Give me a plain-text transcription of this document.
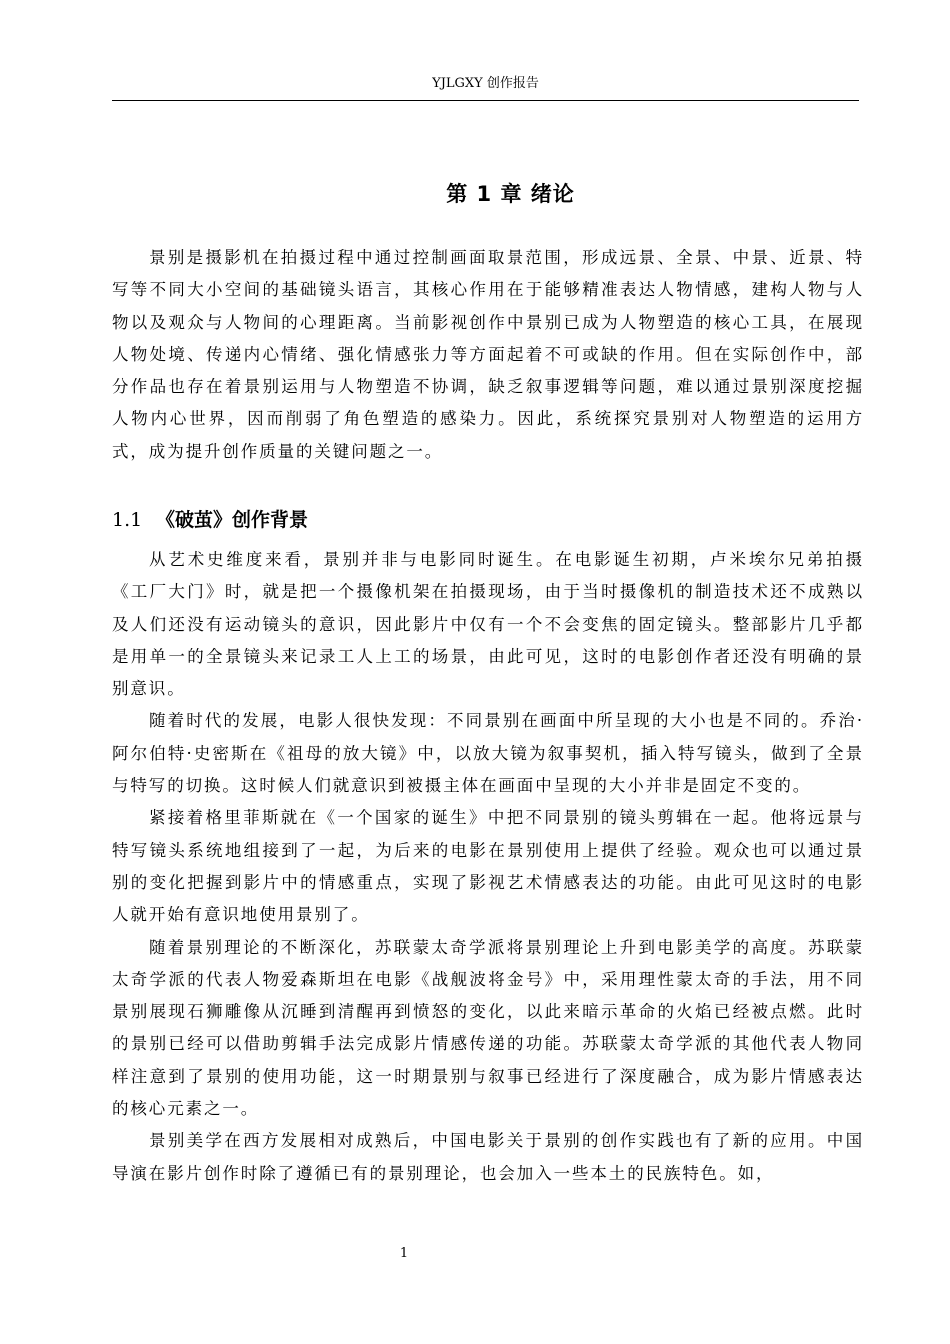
YJLGXY 创作报告
第 1 章 绪论

景别是摄影机在拍摄过程中通过控制画面取景范围，形成远景、全景、中景、近景、特写等不同大小空间的基础镜头语言，其核心作用在于能够精准表达人物情感，建构人物与人物以及观众与人物间的心理距离。当前影视创作中景别已成为人物塑造的核心工具，在展现人物处境、传递内心情绪、强化情感张力等方面起着不可或缺的作用。但在实际创作中，部分作品也存在着景别运用与人物塑造不协调，缺乏叙事逻辑等问题，难以通过景别深度挖掘人物内心世界，因而削弱了角色塑造的感染力。因此，系统探究景别对人物塑造的运用方式，成为提升创作质量的关键问题之一。

1.1 《破茧》创作背景

从艺术史维度来看，景别并非与电影同时诞生。在电影诞生初期，卢米埃尔兄弟拍摄《工厂大门》时，就是把一个摄像机架在拍摄现场，由于当时摄像机的制造技术还不成熟以及人们还没有运动镜头的意识，因此影片中仅有一个不会变焦的固定镜头。整部影片几乎都是用单一的全景镜头来记录工人上工的场景，由此可见，这时的电影创作者还没有明确的景别意识。

随着时代的发展，电影人很快发现：不同景别在画面中所呈现的大小也是不同的。乔治·阿尔伯特·史密斯在《祖母的放大镜》中，以放大镜为叙事契机，插入特写镜头，做到了全景与特写的切换。这时候人们就意识到被摄主体在画面中呈现的大小并非是固定不变的。

紧接着格里菲斯就在《一个国家的诞生》中把不同景别的镜头剪辑在一起。他将远景与特写镜头系统地组接到了一起，为后来的电影在景别使用上提供了经验。观众也可以通过景别的变化把握到影片中的情感重点，实现了影视艺术情感表达的功能。由此可见这时的电影人就开始有意识地使用景别了。

随着景别理论的不断深化，苏联蒙太奇学派将景别理论上升到电影美学的高度。苏联蒙太奇学派的代表人物爱森斯坦在电影《战舰波将金号》中，采用理性蒙太奇的手法，用不同景别展现石狮雕像从沉睡到清醒再到愤怒的变化，以此来暗示革命的火焰已经被点燃。此时的景别已经可以借助剪辑手法完成影片情感传递的功能。苏联蒙太奇学派的其他代表人物同样注意到了景别的使用功能，这一时期景别与叙事已经进行了深度融合，成为影片情感表达的核心元素之一。

景别美学在西方发展相对成熟后，中国电影关于景别的创作实践也有了新的应用。中国导演在影片创作时除了遵循已有的景别理论，也会加入一些本土的民族特色。如，

1
